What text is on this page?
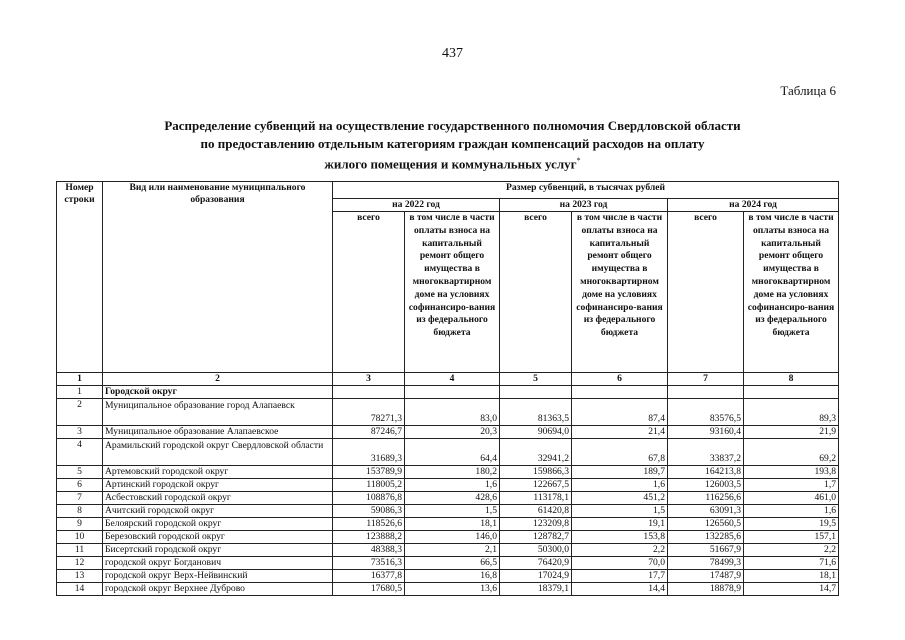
437
Таблица 6
Распределение субвенций на осуществление государственного полномочия Свердловской области
по предоставлению отдельным категориям граждан компенсаций расходов на оплату
жилого помещения и коммунальных услуг*
Номер строки	Вид или наименование муниципального образования	Размер субвенций, в тысячах рублей					
		на 2022 год		на 2023 год		на 2024 год	
		всего	в том числе в части оплаты взноса на капитальный ремонт общего имущества в многоквартирном доме на условиях софинансиро-вания из федерального бюджета	всего	в том числе в части оплаты взноса на капитальный ремонт общего имущества в многоквартирном доме на условиях софинансиро-вания из федерального бюджета	всего	в том числе в части оплаты взноса на капитальный ремонт общего имущества в многоквартирном доме на условиях софинансиро-вания из федерального бюджета
1	2	3	4	5	6	7	8
1	Городской округ						
2	Муниципальное образование город Алапаевск	78271,3	83,0	81363,5	87,4	83576,5	89,3
3	Муниципальное образование Алапаевское	87246,7	20,3	90694,0	21,4	93160,4	21,9
4	Арамильский городской округ Свердловской области	31689,3	64,4	32941,2	67,8	33837,2	69,2
5	Артемовский городской округ	153789,9	180,2	159866,3	189,7	164213,8	193,8
6	Артинский городской округ	118005,2	1,6	122667,5	1,6	126003,5	1,7
7	Асбестовский городской округ	108876,8	428,6	113178,1	451,2	116256,6	461,0
8	Ачитский городской округ	59086,3	1,5	61420,8	1,5	63091,3	1,6
9	Белоярский городской округ	118526,6	18,1	123209,8	19,1	126560,5	19,5
10	Березовский городской округ	123888,2	146,0	128782,7	153,8	132285,6	157,1
11	Бисертский городской округ	48388,3	2,1	50300,0	2,2	51667,9	2,2
12	городской округ Богданович	73516,3	66,5	76420,9	70,0	78499,3	71,6
13	городской округ Верх-Нейвинский	16377,8	16,8	17024,9	17,7	17487,9	18,1
14	городской округ Верхнее Дуброво	17680,5	13,6	18379,1	14,4	18878,9	14,7
